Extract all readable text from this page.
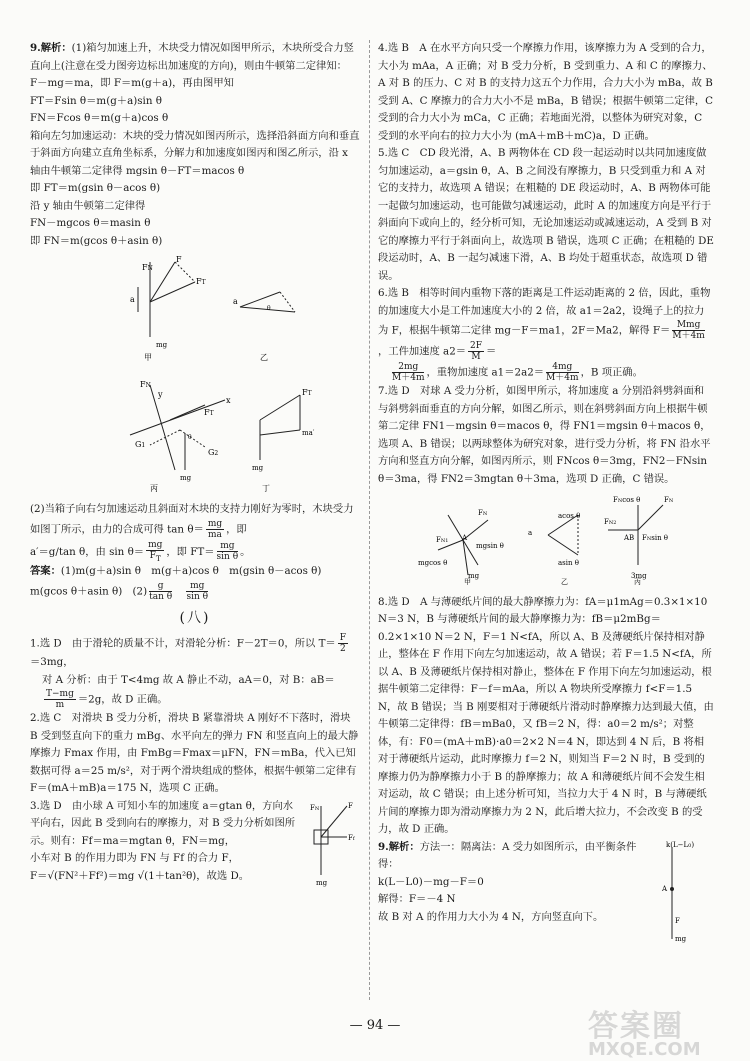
9.解析：(1)箱匀加速上升，木块受力情况如图甲所示，木块所受合力竖直向上(注意在受力图旁边标出加速度的方向)，则由牛顿第二定律知：

F－mg＝ma，即 F＝m(g＋a)，再由图甲知

FT＝Fsin θ＝m(g＋a)sin θ

FN＝Fcos θ＝m(g＋a)cos θ

箱向左匀加速运动：木块的受力情况如图丙所示，选择沿斜面方向和垂直于斜面方向建立直角坐标系，分解力和加速度如图丙和图乙所示，沿 x 轴由牛顿第二定律得 mgsin θ－FT＝macos θ

即 FT＝m(gsin θ－acos θ)

沿 y 轴由牛顿第二定律得

FN－mgcos θ＝masin θ

即 FN＝m(gcos θ＋asin θ)

FN
F
FT
a
mg
a
θ
甲	乙

FN
y
FT
x
G1
G2
θ
mg
FT
ma′
mg
丙	丁

(2)当箱子向右匀加速运动且斜面对木块的支持力刚好为零时，木块受力如图丁所示，由力的合成可得 $\tan \theta= \frac{mg}{ma}$ ，即

a′＝g/tan θ，由 $\sin \theta= \frac{mg}{F_T}$ ，即 $FT= \frac{mg}{\text{sin θ}}$ 。

答案：(1)m(g＋a)sin θ　m(g＋a)cos θ　m(gsin θ－acos θ)

m(gcos θ＋asin θ)　$(2) \frac{g}{\text{tan θ}}$
　 $\frac{mg}{\text{sin θ}}$

(八)

1.选 D　由于滑轮的质量不计，对滑轮分析：F－2T＝0，所以 $T= \frac{F}{2}$
＝3mg，

对 A 分析：由于 T<4mg 故 A 静止不动，aA＝0，对 B：aB＝

$\frac{T-mg}{m} =2g$，故 D 正确。

2.选 C　对滑块 B 受力分析，滑块 B 紧靠滑块 A 刚好不下落时，滑块 B 受到竖直向下的重力 mBg、水平向左的弹力 FN 和竖直向上的最大静摩擦力 Fmax 作用，由 FmBg＝Fmax＝μFN，FN＝mBa，代入已知数据可得 a＝25 m/s²，对于两个滑块组成的整体，根据牛顿第二定律有 F＝(mA＋mB)a＝175 N，选项 C 正确。

3.选 D　由小球 A 可知小车的加速度 a＝gtan θ，方向水平向右，因此 B 受到向右的摩擦力，对 B 受力分析如图所示。则有：Ff＝ma＝mgtan θ，FN＝mg，

小车对 B 的作用力即为 FN 与 Ff 的合力 F，

F＝√(FN²＋Ff²)＝mg √(1＋tan²θ)，故选 D。

FN	F
Ff
mg

4.选 B　A 在水平方向只受一个摩擦力作用，该摩擦力为 A 受到的合力，大小为 mAa，A 正确；对 B 受力分析，B 受到重力、A 和 C 的摩擦力、A 对 B 的压力、C 对 B 的支持力这五个力作用，合力大小为 mBa，故 B 受到 A、C 摩擦力的合力大小不是 mBa，B 错误；根据牛顿第二定律，C 受到的合力大小为 mCa，C 正确；若地面光滑，以整体为研究对象，C 受到的水平向右的拉力大小为 (mA＋mB＋mC)a，D 正确。

5.选 C　CD 段光滑，A、B 两物体在 CD 段一起运动时以共同加速度做匀加速运动，a＝gsin θ，A、B 之间没有摩擦力，B 只受到重力和 A 对它的支持力，故选项 A 错误；在粗糙的 DE 段运动时，A、B 两物体可能一起做匀加速运动，也可能做匀减速运动，此时 A 的加速度方向是平行于斜面向下或向上的，经分析可知，无论加速运动或减速运动，A 受到 B 对它的摩擦力平行于斜面向上，故选项 B 错误，选项 C 正确；在粗糙的 DE 段运动时，A、B 一起匀减速下滑，A、B 均处于超重状态，故选项 D 错误。

6.选 B　相等时间内重物下落的距离是工件运动距离的 2 倍，因此，重物的加速度大小是工件加速度大小的 2 倍，故 a1＝2a2，设绳子上的拉力为 F，根据牛顿第二定律 mg－F＝ma1，2F＝Ma2，解得 $F= \frac{\text{Mmg}}{M+4m}$
，工件加速度 $a2= \frac{2F}{M}$ ＝

$\frac{2mg}{M+4m}$ ，重物加速度 $a1=2a2= \frac{4mg}{M+4m}$ ，B 项正确。

7.选 D　对球 A 受力分析，如图甲所示，将加速度 a 分别沿斜劈斜面和与斜劈斜面垂直的方向分解，如图乙所示，则在斜劈斜面方向上根据牛顿第二定律 FN1－mgsin θ＝macos θ，得 FN1＝mgsin θ＋macos θ，选项 A、B 错误；以两球整体为研究对象，进行受力分析，将 FN 沿水平方向和竖直方向分解，如图丙所示，则 FNcos θ＝3mg，FN2－FNsin θ＝3ma，得 FN2＝3mgtan θ＋3ma，选项 D 正确，C 错误。

FN
FN1 A
mgsin θ
mgcos θ
mg
a
acos θ
asin θ
FNcos θ	FN
FN2
AB FNsin θ
3mg
甲	乙	丙

8.选 D　A 与薄硬纸片间的最大静摩擦力为：fA＝μ1mAg＝0.3×1×10 N＝3 N，B 与薄硬纸片间的最大静摩擦力为：fB＝μ2mBg＝0.2×1×10 N＝2 N，F＝1 N<fA，所以 A、B 及薄硬纸片保持相对静止，整体在 F 作用下向左匀加速运动，故 A 错误；若 F＝1.5 N<fA，所以 A、B 及薄硬纸片保持相对静止，整体在 F 作用下向左匀加速运动，根据牛顿第二定律得：F－f＝mAa，所以 A 物块所受摩擦力 f<F＝1.5 N，故 B 错误；当 B 刚要相对于薄硬纸片滑动时静摩擦力达到最大值，由牛顿第二定律得：fB＝mBa0，又 fB＝2 N，得：a0＝2 m/s²；对整体，有：F0＝(mA＋mB)·a0＝2×2 N＝4 N，即达到 4 N 后，B 将相对于薄硬纸片运动，此时摩擦力 f＝2 N，则知当 F＝2 N 时，B 受到的摩擦力仍为静摩擦力小于 B 的静摩擦力；故 A 和薄硬纸片间不会发生相对运动，故 C 错误；由上述分析可知，当拉力大于 4 N 时，B 与薄硬纸片间的摩擦力即为滑动摩擦力为 2 N，此后增大拉力，不会改变 B 的受力，故 D 正确。

9.解析：方法一：隔离法：A 受力如图所示，由平衡条件得：

k(L－L0)－mg－F＝0

解得：F＝－4 N

故 B 对 A 的作用力大小为 4 N，方向竖直向下。

k(L−L0)
A
F
mg
— 94 —	答案圈
MXQE.COM
